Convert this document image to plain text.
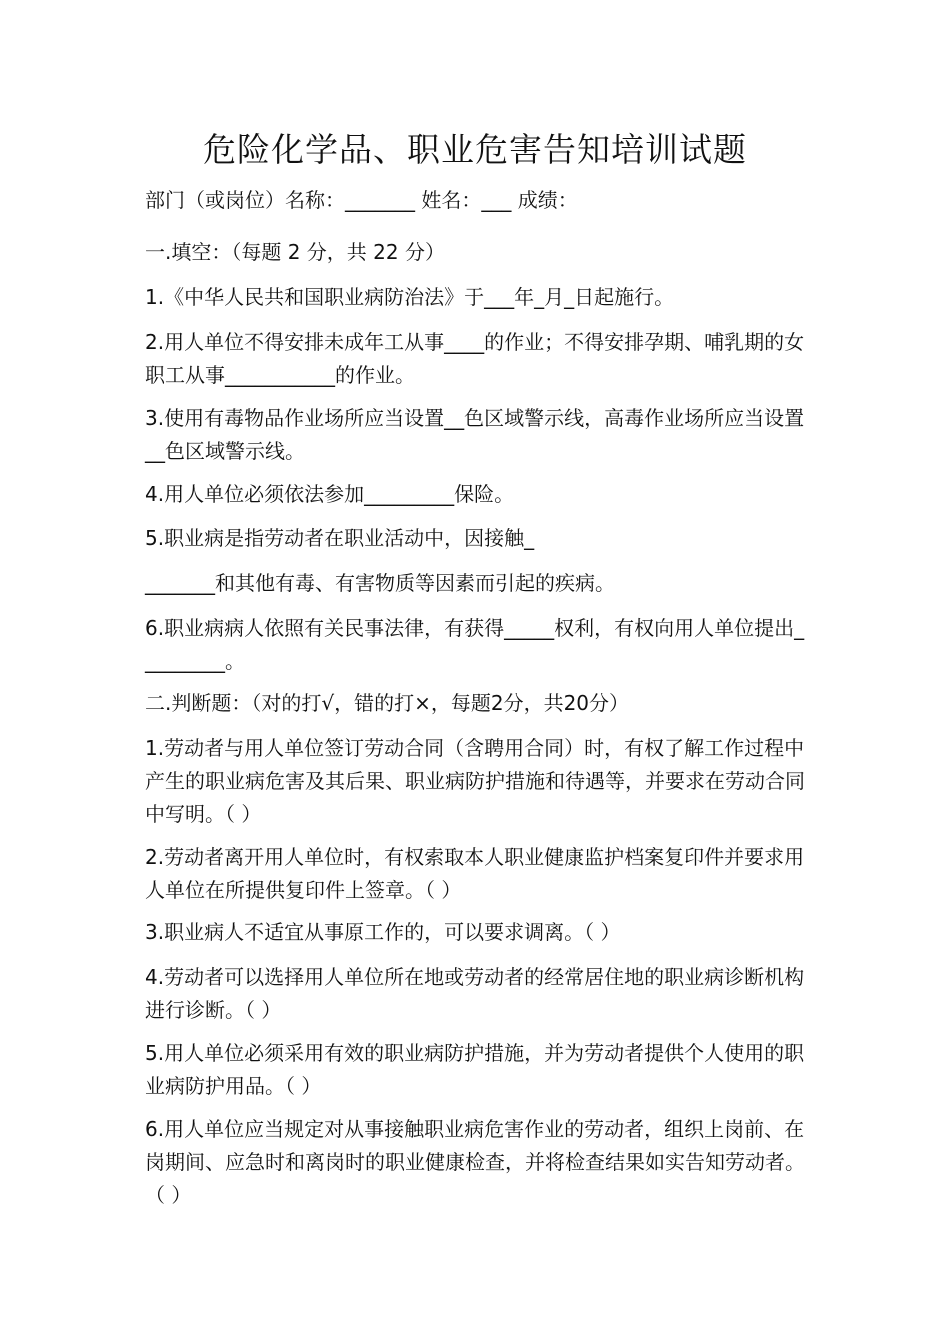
危险化学品、职业危害告知培训试题
部门（或岗位）名称：_______ 姓名：___ 成绩：
一.填空：（每题 2 分，共 22 分）
1.《中华人民共和国职业病防治法》于___年_月_日起施行。
2.用人单位不得安排未成年工从事____的作业；不得安排孕期、哺乳期的女职工从事___________的作业。
3.使用有毒物品作业场所应当设置__色区域警示线，高毒作业场所应当设置__色区域警示线。
4.用人单位必须依法参加_________保险。
5.职业病是指劳动者在职业活动中，因接触_
_______和其他有毒、有害物质等因素而引起的疾病。
6.职业病病人依照有关民事法律，有获得_____权利，有权向用人单位提出_________。
二.判断题：（对的打√，错的打×，每题2分，共20分）
1.劳动者与用人单位签订劳动合同（含聘用合同）时，有权了解工作过程中产生的职业病危害及其后果、职业病防护措施和待遇等，并要求在劳动合同中写明。（ ）
2.劳动者离开用人单位时，有权索取本人职业健康监护档案复印件并要求用人单位在所提供复印件上签章。（ ）
3.职业病人不适宜从事原工作的，可以要求调离。（ ）
4.劳动者可以选择用人单位所在地或劳动者的经常居住地的职业病诊断机构进行诊断。（ ）
5.用人单位必须采用有效的职业病防护措施，并为劳动者提供个人使用的职业病防护用品。（ ）
6.用人单位应当规定对从事接触职业病危害作业的劳动者，组织上岗前、在岗期间、应急时和离岗时的职业健康检查，并将检查结果如实告知劳动者。（ ）
